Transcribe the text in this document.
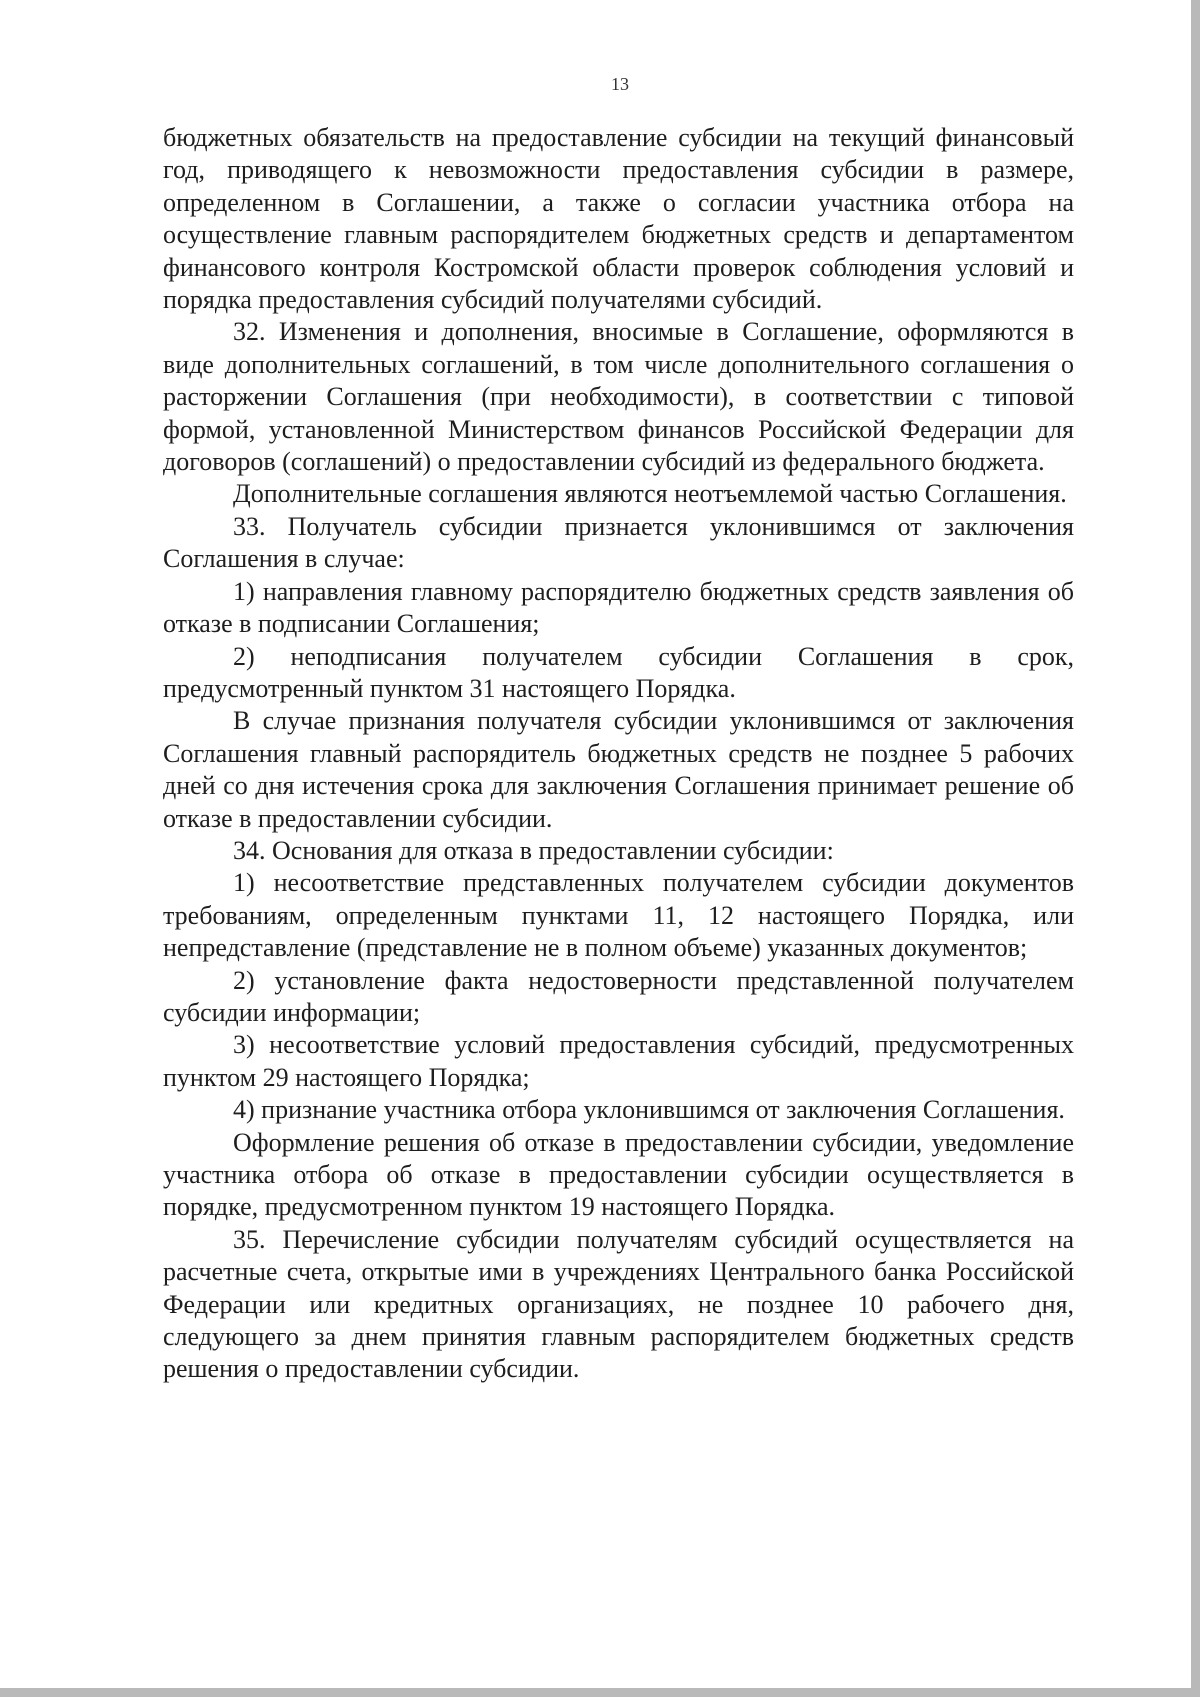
13

бюджетных обязательств на предоставление субсидии на текущий финансовый год, приводящего к невозможности предоставления субсидии в размере, определенном в Соглашении, а также о согласии участника отбора на осуществление главным распорядителем бюджетных средств и департаментом финансового контроля Костромской области проверок соблюдения условий и порядка предоставления субсидий получателями субсидий.

32. Изменения и дополнения, вносимые в Соглашение, оформляются в виде дополнительных соглашений, в том числе дополнительного соглашения о расторжении Соглашения (при необходимости), в соответствии с типовой формой, установленной Министерством финансов Российской Федерации для договоров (соглашений) о предоставлении субсидий из федерального бюджета.

Дополнительные соглашения являются неотъемлемой частью Соглашения.

33. Получатель субсидии признается уклонившимся от заключения Соглашения в случае:

1) направления главному распорядителю бюджетных средств заявления об отказе в подписании Соглашения;

2) неподписания получателем субсидии Соглашения в срок, предусмотренный пунктом 31 настоящего Порядка.

В случае признания получателя субсидии уклонившимся от заключения Соглашения главный распорядитель бюджетных средств не позднее 5 рабочих дней со дня истечения срока для заключения Соглашения принимает решение об отказе в предоставлении субсидии.

34. Основания для отказа в предоставлении субсидии:

1) несоответствие представленных получателем субсидии документов требованиям, определенным пунктами 11, 12 настоящего Порядка, или непредставление (представление не в полном объеме) указанных документов;

2) установление факта недостоверности представленной получателем субсидии информации;

3) несоответствие условий предоставления субсидий, предусмотренных пунктом 29 настоящего Порядка;

4) признание участника отбора уклонившимся от заключения Соглашения.

Оформление решения об отказе в предоставлении субсидии, уведомление участника отбора об отказе в предоставлении субсидии осуществляется в порядке, предусмотренном пунктом 19 настоящего Порядка.

35. Перечисление субсидии получателям субсидий осуществляется на расчетные счета, открытые ими в учреждениях Центрального банка Российской Федерации или кредитных организациях, не позднее 10 рабочего дня, следующего за днем принятия главным распорядителем бюджетных средств решения о предоставлении субсидии.
